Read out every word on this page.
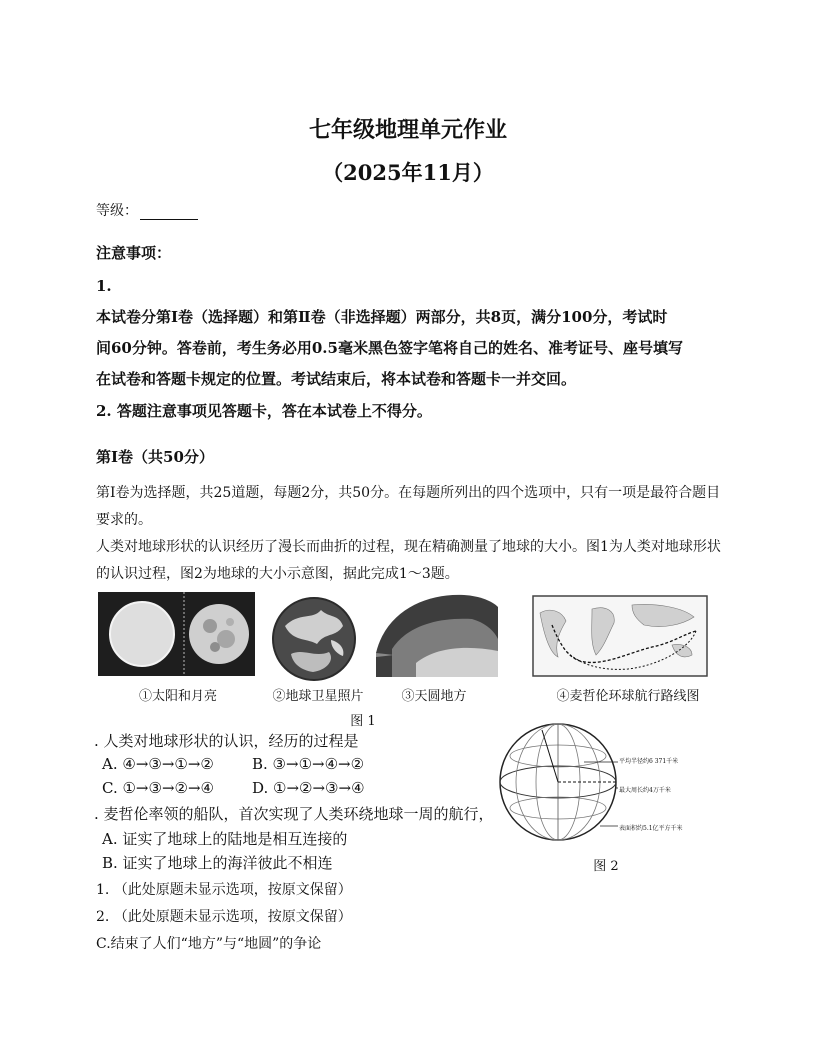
七年级地理单元作业
（2025年11月）
等级：
注意事项：
1.
本试卷分第Ⅰ卷（选择题）和第Ⅱ卷（非选择题）两部分，共8页，满分100分，考试时
间60分钟。答卷前，考生务必用0.5毫米黑色签字笔将自己的姓名、准考证号、座号填写
在试卷和答题卡规定的位置。考试结束后，将本试卷和答题卡一并交回。
2. 答题注意事项见答题卡，答在本试卷上不得分。
第Ⅰ卷（共50分）
第Ⅰ卷为选择题，共25道题，每题2分，共50分。在每题所列出的四个选项中，只有一项是最符合题目
要求的。
人类对地球形状的认识经历了漫长而曲折的过程，现在精确测量了地球的大小。图1为人类对地球形状
的认识过程，图2为地球的大小示意图，据此完成1～3题。
①太阳和月亮	②地球卫星照片	③天圆地方	④麦哲伦环球航行路线图
图 1
平均半径约6 371千米
最大周长约4万千米
表面积约5.1亿平方千米
图 2
. 人类对地球形状的认识，经历的过程是
A. ④→③→①→②	B. ③→①→④→②
C. ①→③→②→④	D. ①→②→③→④
. 麦哲伦率领的船队，首次实现了人类环绕地球一周的航行，
A. 证实了地球上的陆地是相互连接的
B. 证实了地球上的海洋彼此不相连
1. （此处原题未显示选项，按原文保留）
2. （此处原题未显示选项，按原文保留）
C.结束了人们“地方”与“地圆”的争论
